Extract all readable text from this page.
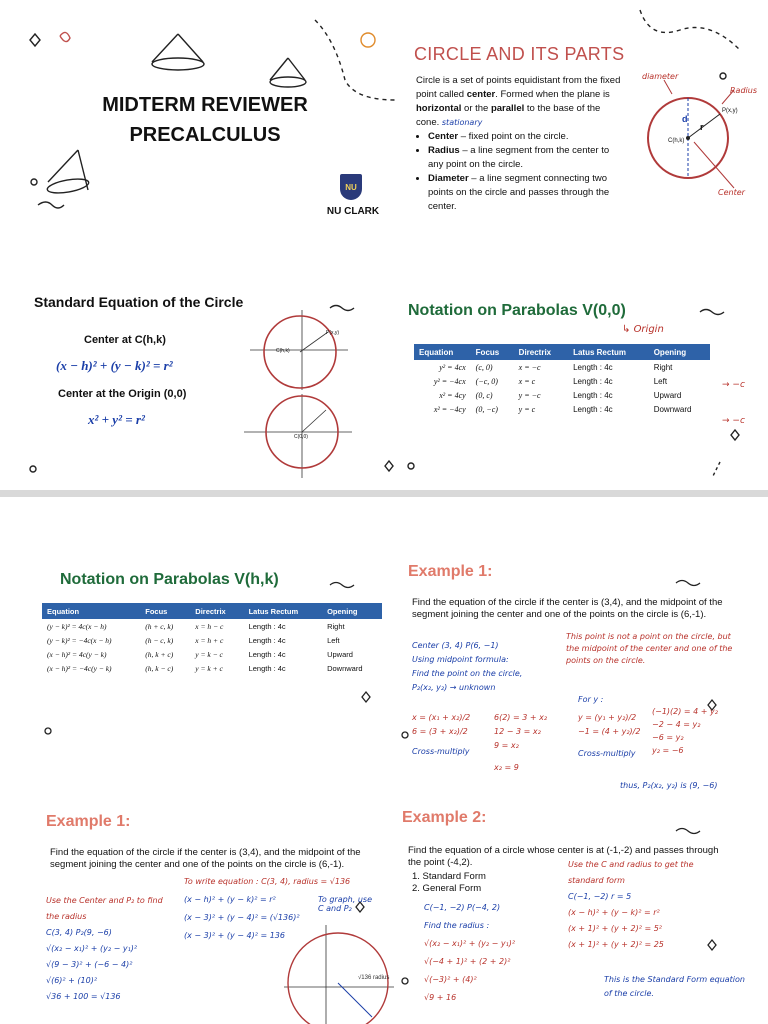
MIDTERM REVIEWER
PRECALCULUS
NU
NU CLARK
CIRCLE AND ITS PARTS
Circle is a set of points equidistant from the fixed point called center. Formed when the plane is horizontal or the parallel to the base of the cone. stationary
• Center – fixed point on the circle.
• Radius – a line segment from the center to any point on the circle.
• Diameter – a line segment connecting two points on the circle and passes through the center.
diameter
Radius
Center
d
r
P(x,y)
C(h,k)
Standard Equation of the Circle
Center at C(h,k)
(x − h)² + (y − k)² = r²
Center at the Origin (0,0)
x² + y² = r²
C(h,k)
P(x,y)
C(0,0)
Notation on Parabolas V(0,0)
↳ Origin
Equation	Focus	Directrix	Latus Rectum	Opening
y² = 4cx	(c, 0)	x = −c	Length : 4c	Right
y² = −4cx	(−c, 0)	x = c	Length : 4c	Left
x² = 4cy	(0, c)	y = −c	Length : 4c	Upward
x² = −4cy	(0, −c)	y = c	Length : 4c	Downward
→ −c
→ −c
Notation on Parabolas V(h,k)
Equation	Focus	Directrix	Latus Rectum	Opening
(y − k)² = 4c(x − h)	(h + c, k)	x = h − c	Length : 4c	Right
(y − k)² = −4c(x − h)	(h − c, k)	x = h + c	Length : 4c	Left
(x − h)² = 4c(y − k)	(h, k + c)	y = k − c	Length : 4c	Upward
(x − h)² = −4c(y − k)	(h, k − c)	y = k + c	Length : 4c	Downward
Example 1:
Find the equation of the circle if the center is (3,4), and the midpoint of the segment joining the center and one of the points on the circle is (6,-1).
Center (3, 4) P(6, −1)
Using midpoint formula:
Find the point on the circle,
P₂(x₂, y₂) → unknown
x = (x₁ + x₂)/2
6 = (3 + x₂)/2
Cross-multiply
6(2) = 3 + x₂
12 − 3 = x₂
9 = x₂
x₂ = 9
This point is not a point on the circle, but the midpoint of the center and one of the points on the circle.
For y :
y = (y₁ + y₂)/2
−1 = (4 + y₂)/2
Cross-multiply
(−1)(2) = 4 + y₂
−2 − 4 = y₂
−6 = y₂
y₂ = −6
thus, P₂(x₂, y₂) is (9, −6)
Example 1:
Find the equation of the circle if the center is (3,4), and the midpoint of the segment joining the center and one of the points on the circle is (6,-1).
Use the Center and P₂ to find the radius
C(3, 4) P₂(9, −6)
√(x₂ − x₁)² + (y₂ − y₁)²
√(9 − 3)² + (−6 − 4)²
√(6)² + (10)²
√36 + 100 = √136
To write equation : C(3, 4), radius = √136
(x − h)² + (y − k)² = r²
(x − 3)² + (y − 4)² = (√136)²
(x − 3)² + (y − 4)² = 136
To graph, use C and P₂
√136 radius
Example 2:
Find the equation of a circle whose center is at (-1,-2) and passes through the point (-4,2).
1. Standard Form
2. General Form
C(−1, −2) P(−4, 2)
Find the radius :
√(x₂ − x₁)² + (y₂ − y₁)²
√(−4 + 1)² + (2 + 2)²
√(−3)² + (4)²
√9 + 16
Use the C and radius to get the standard form
C(−1, −2) r = 5
(x − h)² + (y − k)² = r²
(x + 1)² + (y + 2)² = 5²
(x + 1)² + (y + 2)² = 25
This is the Standard Form equation of the circle.
